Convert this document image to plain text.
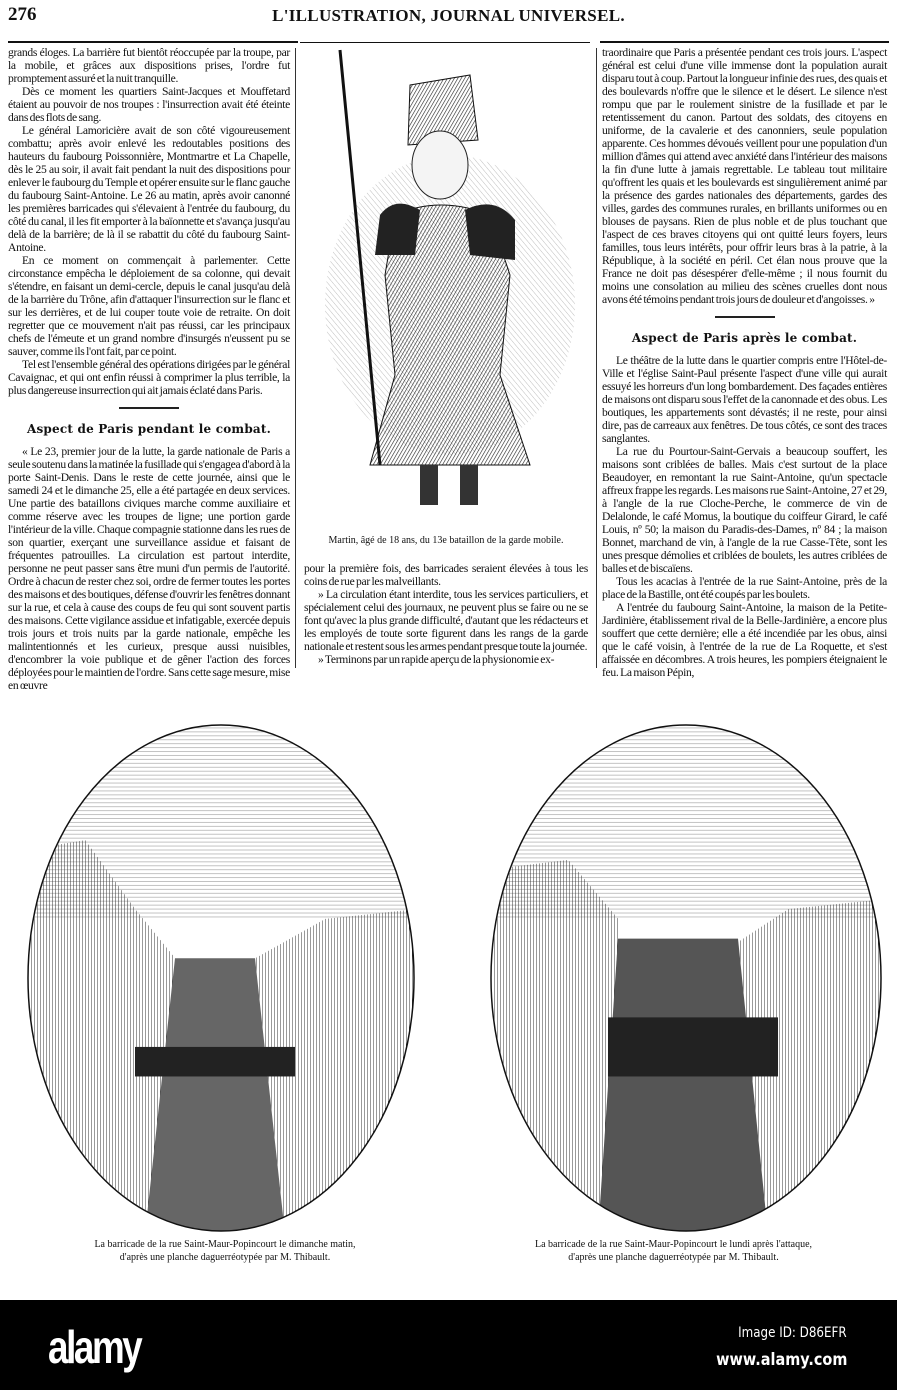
276	L'ILLUSTRATION, JOURNAL UNIVERSEL.

grands éloges. La barrière fut bientôt réoccupée par la troupe, par la mobile, et grâces aux dispositions prises, l'ordre fut promptement assuré et la nuit tranquille.

Dès ce moment les quartiers Saint-Jacques et Mouffetard étaient au pouvoir de nos troupes : l'insurrection avait été éteinte dans des flots de sang.

Le général Lamoricière avait de son côté vigoureusement combattu; après avoir enlevé les redoutables positions des hauteurs du faubourg Poissonnière, Montmartre et La Chapelle, dès le 25 au soir, il avait fait pendant la nuit des dispositions pour enlever le faubourg du Temple et opérer ensuite sur le flanc gauche du faubourg Saint-Antoine. Le 26 au matin, après avoir canonné les premières barricades qui s'élevaient à l'entrée du faubourg, du côté du canal, il les fit emporter à la baïonnette et s'avança jusqu'au delà de la barrière; de là il se rabattit du côté du faubourg Saint-Antoine.

En ce moment on commençait à parlementer. Cette circonstance empêcha le déploiement de sa colonne, qui devait s'étendre, en faisant un demi-cercle, depuis le canal jusqu'au delà de la barrière du Trône, afin d'attaquer l'insurrection sur le flanc et sur les derrières, et de lui couper toute voie de retraite. On doit regretter que ce mouvement n'ait pas réussi, car les principaux chefs de l'émeute et un grand nombre d'insurgés n'eussent pu se sauver, comme ils l'ont fait, par ce point.

Tel est l'ensemble général des opérations dirigées par le général Cavaignac, et qui ont enfin réussi à comprimer la plus terrible, la plus dangereuse insurrection qui ait jamais éclaté dans Paris.

Aspect de Paris pendant le combat.

« Le 23, premier jour de la lutte, la garde nationale de Paris a seule soutenu dans la matinée la fusillade qui s'engagea d'abord à la porte Saint-Denis. Dans le reste de cette journée, ainsi que le samedi 24 et le dimanche 25, elle a été partagée en deux services. Une partie des bataillons civiques marche comme auxiliaire et comme réserve avec les troupes de ligne; une portion garde l'intérieur de la ville. Chaque compagnie stationne dans les rues de son quartier, exerçant une surveillance assidue et faisant de fréquentes patrouilles. La circulation est partout interdite, personne ne peut passer sans être muni d'un permis de l'autorité. Ordre à chacun de rester chez soi, ordre de fermer toutes les portes des maisons et des boutiques, défense d'ouvrir les fenêtres donnant sur la rue, et cela à cause des coups de feu qui sont souvent partis des maisons. Cette vigilance assidue et infatigable, exercée depuis trois jours et trois nuits par la garde nationale, empêche les malintentionnés et les curieux, presque aussi nuisibles, d'encombrer la voie publique et de gêner l'action des forces déployées pour le maintien de l'ordre. Sans cette sage mesure, mise en œuvre

Martin, âgé de 18 ans, du 13e bataillon de la garde mobile.

pour la première fois, des barricades seraient élevées à tous les coins de rue par les malveillants.

» La circulation étant interdite, tous les services particuliers, et spécialement celui des journaux, ne peuvent plus se faire ou ne se font qu'avec la plus grande difficulté, d'autant que les rédacteurs et les employés de toute sorte figurent dans les rangs de la garde nationale et restent sous les armes pendant presque toute la journée.

» Terminons par un rapide aperçu de la physionomie ex-

traordinaire que Paris a présentée pendant ces trois jours. L'aspect général est celui d'une ville immense dont la population aurait disparu tout à coup. Partout la longueur infinie des rues, des quais et des boulevards n'offre que le silence et le désert. Le silence n'est rompu que par le roulement sinistre de la fusillade et par le retentissement du canon. Partout des soldats, des citoyens en uniforme, de la cavalerie et des canonniers, seule population apparente. Ces hommes dévoués veillent pour une population d'un million d'âmes qui attend avec anxiété dans l'intérieur des maisons la fin d'une lutte à jamais regrettable. Le tableau tout militaire qu'offrent les quais et les boulevards est singulièrement animé par la présence des gardes nationales des départements, gardes des villes, gardes des communes rurales, en brillants uniformes ou en blouses de paysans. Rien de plus noble et de plus touchant que l'aspect de ces braves citoyens qui ont quitté leurs foyers, leurs familles, tous leurs intérêts, pour offrir leurs bras à la patrie, à la République, à la société en péril. Cet élan nous prouve que la France ne doit pas désespérer d'elle-même ; il nous fournit du moins une consolation au milieu des scènes cruelles dont nous avons été témoins pendant trois jours de douleur et d'angoisses. »

Aspect de Paris après le combat.

Le théâtre de la lutte dans le quartier compris entre l'Hôtel-de-Ville et l'église Saint-Paul présente l'aspect d'une ville qui aurait essuyé les horreurs d'un long bombardement. Des façades entières de maisons ont disparu sous l'effet de la canonnade et des obus. Les boutiques, les appartements sont dévastés; il ne reste, pour ainsi dire, pas de carreaux aux fenêtres. De tous côtés, ce sont des traces sanglantes.

La rue du Pourtour-Saint-Gervais a beaucoup souffert, les maisons sont criblées de balles. Mais c'est surtout de la place Beaudoyer, en remontant la rue Saint-Antoine, qu'un spectacle affreux frappe les regards. Les maisons rue Saint-Antoine, 27 et 29, à l'angle de la rue Cloche-Perche, le commerce de vin de Delalonde, le café Momus, la boutique du coiffeur Girard, le café Louis, nº 50; la maison du Paradis-des-Dames, nº 84 ; la maison Bonnet, marchand de vin, à l'angle de la rue Casse-Tête, sont les unes presque démolies et criblées de boulets, les autres criblées de balles et de biscaïens.

Tous les acacias à l'entrée de la rue Saint-Antoine, près de la place de la Bastille, ont été coupés par les boulets.

A l'entrée du faubourg Saint-Antoine, la maison de la Petite-Jardinière, établissement rival de la Belle-Jardinière, a encore plus souffert que cette dernière; elle a été incendiée par les obus, ainsi que le café voisin, à l'entrée de la rue de La Roquette, et s'est affaissée en décombres. A trois heures, les pompiers éteignaient le feu. La maison Pépin,

La barricade de la rue Saint-Maur-Popincourt le dimanche matin,
d'après une planche daguerréotypée par M. Thibault.
La barricade de la rue Saint-Maur-Popincourt le lundi après l'attaque,
d'après une planche daguerréotypée par M. Thibault.
alamy	Image ID: D86EFR
www.alamy.com
